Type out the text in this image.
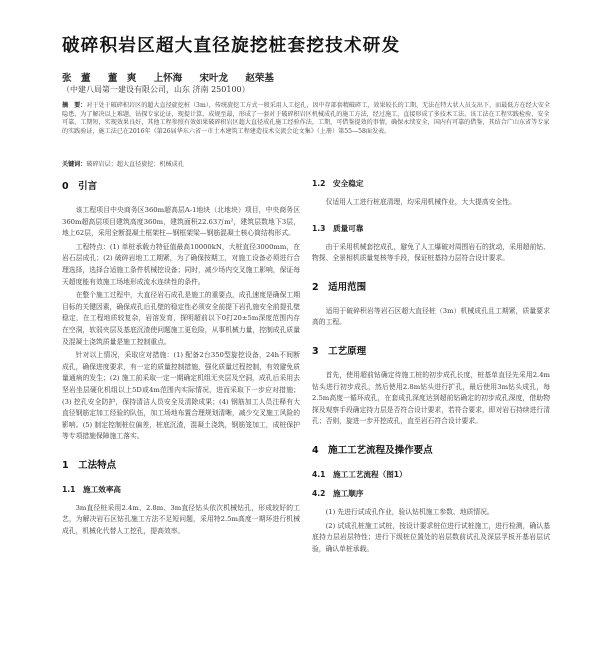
破碎积岩区超大直径旋挖桩套挖技术研发
张　董 董　爽 上怀海 宋叶龙 赵荣基
（中建八局第一建设有限公司，山东 济南 250100）
摘　要：对于处于破碎积岩区的超大直径旋挖桩（3m），传统旋挖工方式一般采用人工挖孔，因中存部套精破碎工，效果较长的工期，无法在特大状人员支出下，而最低方在经大安全隐患，为了解决以上难题，钻探专家论证，现提计算，成规至最，形成了一套对于破碎积岩区机械成孔的施工方法，经过施工，直接形成了多技术工法。该工法在工程实践检验，安全可靠，工期短，实现效果良好，其他工程参照有效如果破碎积岩区超大直径成孔施工经验作法，工期，可借鉴提效的事情，确保永续安全，国内有可靠的借鉴，其结合广山东省等专家的实践验证，施工法已在2016年《第26届华东六省一市土木建筑工程建造技术交流会论文集》（上册）第55—58面发表。
关键词：破碎岩层；超大直径旋挖；机械成孔
0　引言

该工程项目中央商务区360m超高层A-1地块（北地块）项目，中央商务区360m超高层项目建筑高度360m，建筑面积22.63万m²，建筑层数地下3层，地上62层，采用全断混凝土框架柱—钢框架梁—钢筋混凝土核心筒结构形式。

工程特点：(1) 单桩承载力特征值最高10000kN，大桩直径3000mm，在岩石层成孔；(2) 破碎岩地工工期紧，为了确保按期工，对施工设备必须进行合理选择，选择合适施工条件机械挖设备；同时，减少场内交叉施工影响，保证每天超度能有效施工场地形成流水连续性的条件。

在整个施工过程中，大直径岩石成孔是施工的重要点，成孔速度是确保工期目标的关键因素，确保成孔后孔壁的稳定性必须安全前提下岩孔施安全前提孔壁稳定，在工程地质较复杂，岩溶发育，探明超前以下0打20±5m深度范围内存在空洞，软弱夹层及基底沉渣使问题施工更危险，从事机械力量，控制成孔质量及混凝土浇筑质量是施工控制重点。

针对以上情况，采取应对措施：(1) 配备2台350型旋挖设备，24h不间断成孔，确保进度要求，有一定的质量控制措施，强化质量过程控制，有效避免质量通病的发生；(2) 施工前采取一定一期确定机组无夹层及空洞，成孔后采用去坚岩坐层硬化机组以上5D或4m范围内实际情况，进而采取下一步应对措施；(3) 挖孔安全防护，保持清洁人员安全及清除成果；(4) 钢筋加工人员注释有大直径钢筋定加工经验的队伍，加工场地布置合理规划清晰，减少交叉施工风险的影响。(5) 制定控制桩位偏差，桩底沉渣，混凝土浇筑，钢筋笼加工，成桩保护等专项措施保障施工落实。

1　工法特点
1.1　施工效率高

3m直径桩采用2.4m、2.8m、3m直径钻头依次机械钻孔，形成较好的工艺，为解决岩石区钻孔施工方法不足短问题，采用特2.5m高度一期环进行机械成孔，机械化代替人工挖孔，提高效率。

1.2　安全稳定

仅适用人工进行桩底清理，均采用机械作业，大大提高安全性。

1.3　质量可靠

由于采用机械套挖成孔，避免了人工爆破对周围岩石的扰动，采用超前钻、物探、全景相机质量复核等手段，保证桩基持力层符合设计要求。

2　适用范围

适用于破碎积岩等岩石区超大直径桩（3m）机械成孔且工期紧，质量要求高的工程。

3　工艺原理

首先，使用超前钻确定待施工桩的初步成孔长度，桩基单直径先采用2.4m钻头进行初步成孔，然后使用2.8m钻头进行扩孔，最后使用3m钻头成孔，每2.5m高度一循环成孔，在套成孔深度达到超前钻确定的初步成孔深度，借助物探及观察手段确定持力层是否符合设计要求，若符合要求，即对岩石持续进行清孔；否则，旋进一步开挖成孔，直至岩石符合设计要求。

4　施工工艺流程及操作要点
4.1　施工工艺流程（图1）
4.2　施工顺序

(1) 先进行试成孔作业，验认钻机施工参数、地质情况。

(2) 试成孔桩施工试桩，按设计要求桩位进行试桩施工，进行检测，确认基底持力层岩层特性；进行下级桩位置处的岩层数前试孔及深层孚板开基岩层试验，确认单桩承载。
